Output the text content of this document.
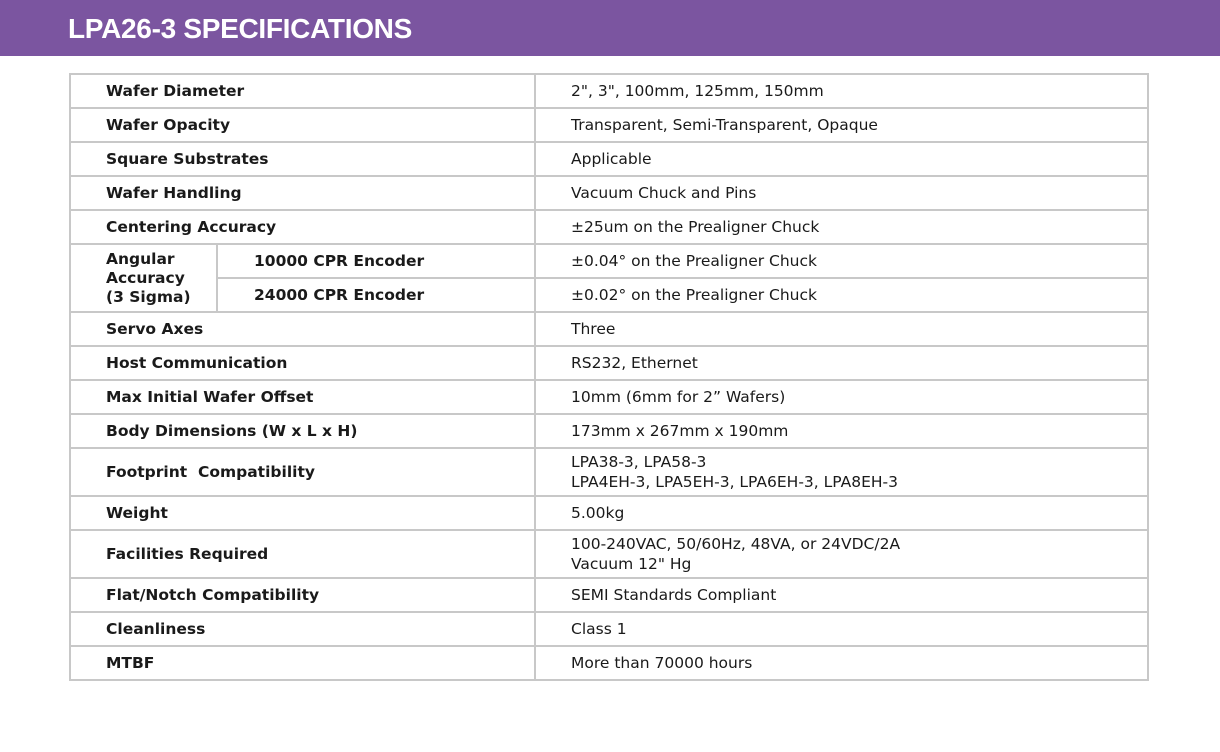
LPA26-3 SPECIFICATIONS
Wafer Diameter		2", 3", 100mm, 125mm, 150mm
Wafer Opacity		Transparent, Semi-Transparent, Opaque
Square Substrates		Applicable
Wafer Handling		Vacuum Chuck and Pins
Centering Accuracy		±25um on the Prealigner Chuck

Angular
Accuracy
(3 Sigma)	10000 CPR Encoder	±0.04° on the Prealigner Chuck
	24000 CPR Encoder	±0.02° on the Prealigner Chuck
Servo Axes		Three
Host Communication		RS232, Ethernet
Max Initial Wafer Offset		10mm (6mm for 2” Wafers)
Body Dimensions (W x L x H)		173mm x 267mm x 190mm
Footprint  Compatibility		LPA38-3, LPA58-3
LPA4EH-3, LPA5EH-3, LPA6EH-3, LPA8EH-3

Weight		5.00kg
Facilities Required		100-240VAC, 50/60Hz, 48VA, or 24VDC/2A
Vacuum 12" Hg

Flat/Notch Compatibility		SEMI Standards Compliant
Cleanliness		Class 1
MTBF		More than 70000 hours
